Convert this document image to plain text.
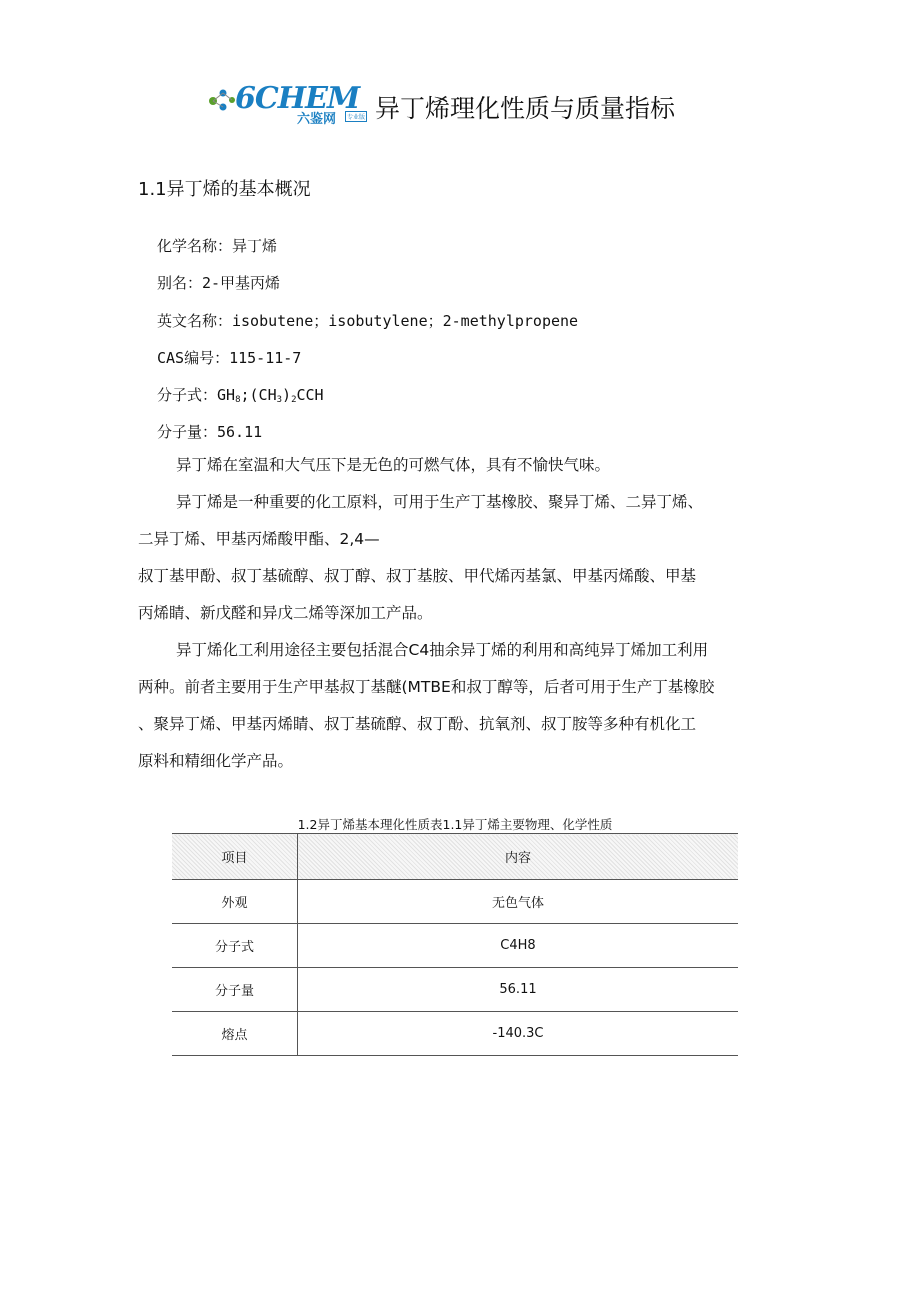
6CHEM
六鉴网	专业版 异丁烯理化性质与质量指标
1.1异丁烯的基本概况
化学名称：异丁烯
别名：2-甲基丙烯
英文名称：isobutene；isobutylene；2-methylpropene
CAS编号：115-11-7
分子式：$GH_8;(CH_3)_2CCH$
分子量：56.11
异丁烯在室温和大气压下是无色的可燃气体，具有不愉快气味。
异丁烯是一种重要的化工原料，可用于生产丁基橡胶、聚异丁烯、二异丁烯、
二异丁烯、甲基丙烯酸甲酯、2,4—
叔丁基甲酚、叔丁基硫醇、叔丁醇、叔丁基胺、甲代烯丙基氯、甲基丙烯酸、甲基
丙烯睛、新戊醛和异戊二烯等深加工产品。
异丁烯化工利用途径主要包括混合C4抽余异丁烯的利用和高纯异丁烯加工利用
两种。前者主要用于生产甲基叔丁基醚(MTBE和叔丁醇等，后者可用于生产丁基橡胶
、聚异丁烯、甲基丙烯睛、叔丁基硫醇、叔丁酚、抗氧剂、叔丁胺等多种有机化工
原料和精细化学产品。
1.2异丁烯基本理化性质表1.1异丁烯主要物理、化学性质
项目	内容
外观	无色气体
分子式	C4H8
分子量	56.11
熔点	-140.3C
